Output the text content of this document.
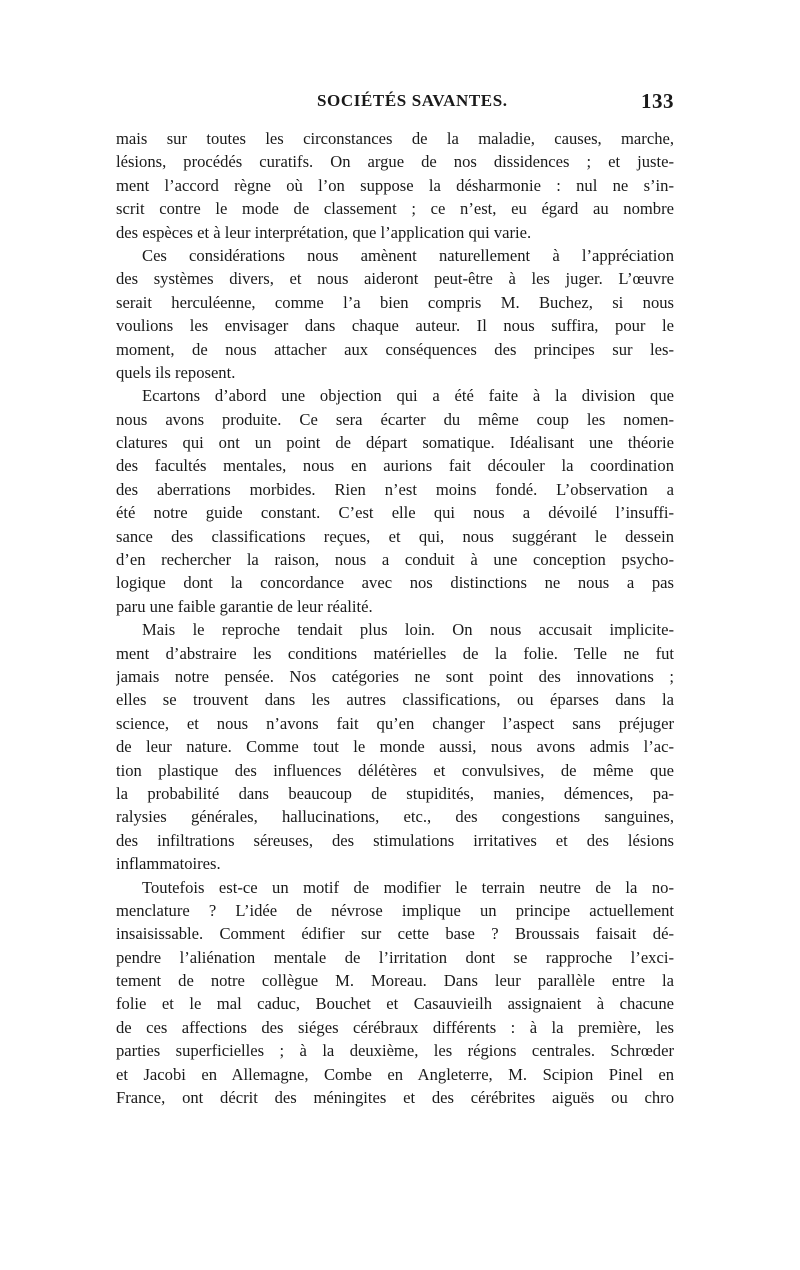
SOCIÉTÉS SAVANTES.	133
mais sur toutes les circonstances de la maladie, causes, marche,
lésions, procédés curatifs. On argue de nos dissidences ; et juste-
ment l’accord règne où l’on suppose la désharmonie : nul ne s’in-
scrit contre le mode de classement ; ce n’est, eu égard au nombre
des espèces et à leur interprétation, que l’application qui varie.
Ces considérations nous amènent naturellement à l’appréciation
des systèmes divers, et nous aideront peut-être à les juger. L’œuvre
serait herculéenne, comme l’a bien compris M. Buchez, si nous
voulions les envisager dans chaque auteur. Il nous suffira, pour le
moment, de nous attacher aux conséquences des principes sur les-
quels ils reposent.
Ecartons d’abord une objection qui a été faite à la division que
nous avons produite. Ce sera écarter du même coup les nomen-
clatures qui ont un point de départ somatique. Idéalisant une théorie
des facultés mentales, nous en aurions fait découler la coordination
des aberrations morbides. Rien n’est moins fondé. L’observation a
été notre guide constant. C’est elle qui nous a dévoilé l’insuffi-
sance des classifications reçues, et qui, nous suggérant le dessein
d’en rechercher la raison, nous a conduit à une conception psycho-
logique dont la concordance avec nos distinctions ne nous a pas
paru une faible garantie de leur réalité.
Mais le reproche tendait plus loin. On nous accusait implicite-
ment d’abstraire les conditions matérielles de la folie. Telle ne fut
jamais notre pensée. Nos catégories ne sont point des innovations ;
elles se trouvent dans les autres classifications, ou éparses dans la
science, et nous n’avons fait qu’en changer l’aspect sans préjuger
de leur nature. Comme tout le monde aussi, nous avons admis l’ac-
tion plastique des influences délétères et convulsives, de même que
la probabilité dans beaucoup de stupidités, manies, démences, pa-
ralysies générales, hallucinations, etc., des congestions sanguines,
des infiltrations séreuses, des stimulations irritatives et des lésions
inflammatoires.
Toutefois est-ce un motif de modifier le terrain neutre de la no-
menclature ? L’idée de névrose implique un principe actuellement
insaisissable. Comment édifier sur cette base ? Broussais faisait dé-
pendre l’aliénation mentale de l’irritation dont se rapproche l’exci-
tement de notre collègue M. Moreau. Dans leur parallèle entre la
folie et le mal caduc, Bouchet et Casauvieilh assignaient à chacune
de ces affections des siéges cérébraux différents : à la première, les
parties superficielles ; à la deuxième, les régions centrales. Schrœder
et Jacobi en Allemagne, Combe en Angleterre, M. Scipion Pinel en
France, ont décrit des méningites et des cérébrites aiguës ou chro
